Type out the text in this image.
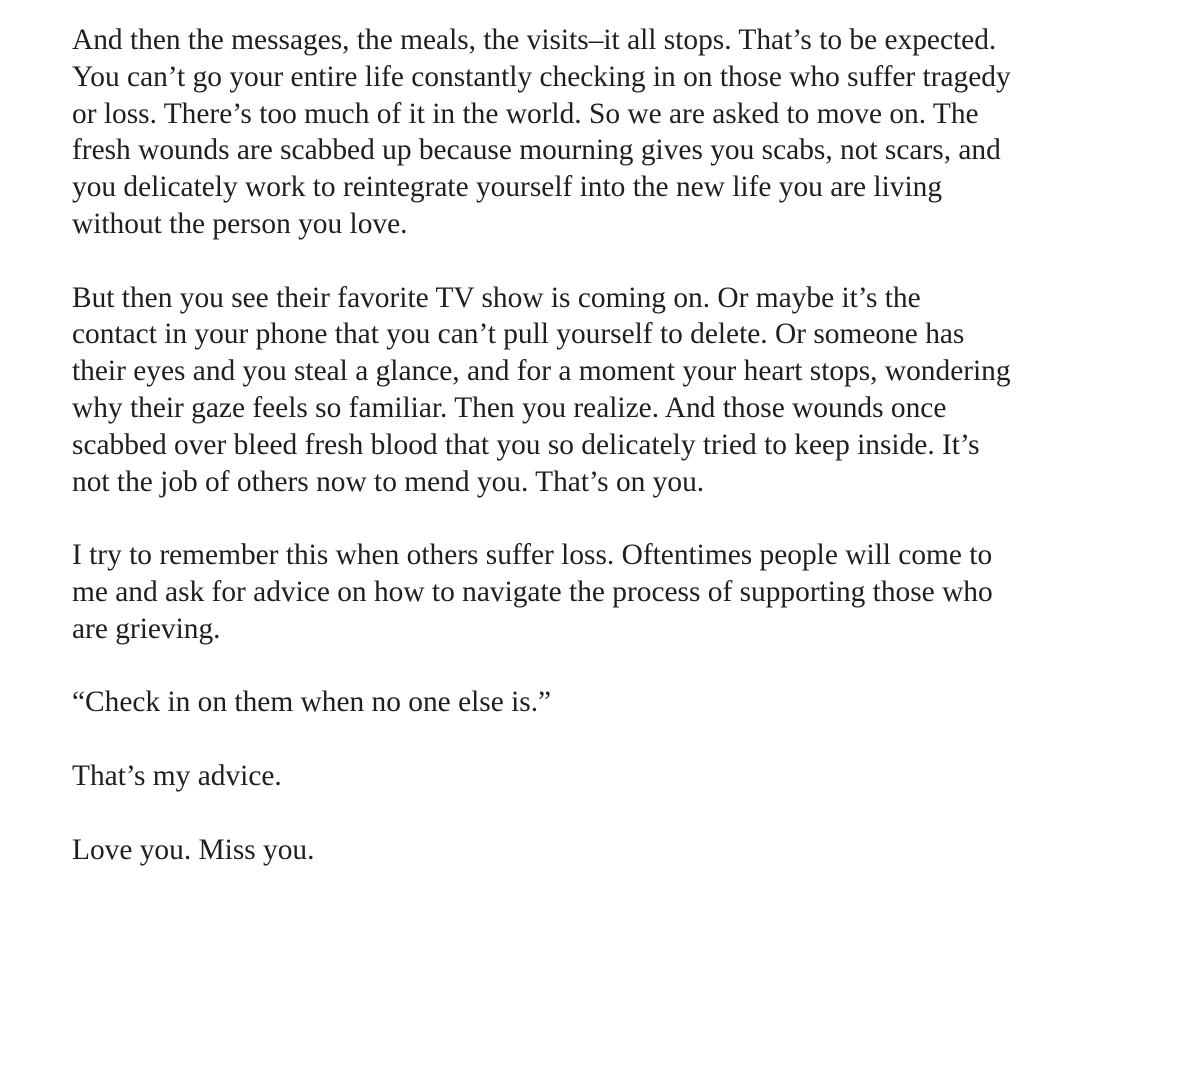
And then the messages, the meals, the visits–it all stops. That’s to be expected.
You can’t go your entire life constantly checking in on those who suffer tragedy
or loss. There’s too much of it in the world. So we are asked to move on. The
fresh wounds are scabbed up because mourning gives you scabs, not scars, and
you delicately work to reintegrate yourself into the new life you are living
without the person you love.

But then you see their favorite TV show is coming on. Or maybe it’s the
contact in your phone that you can’t pull yourself to delete. Or someone has
their eyes and you steal a glance, and for a moment your heart stops, wondering
why their gaze feels so familiar. Then you realize. And those wounds once
scabbed over bleed fresh blood that you so delicately tried to keep inside. It’s
not the job of others now to mend you. That’s on you.

I try to remember this when others suffer loss. Oftentimes people will come to
me and ask for advice on how to navigate the process of supporting those who
are grieving.

“Check in on them when no one else is.”

That’s my advice.

Love you. Miss you.
